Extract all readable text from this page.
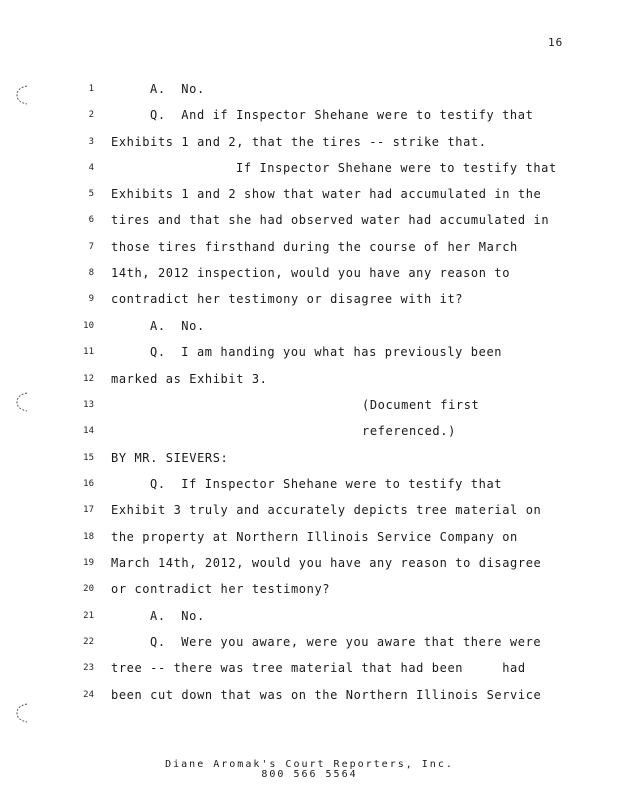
16
1	A.  No.
2	Q.  And if Inspector Shehane were to testify that
3 Exhibits 1 and 2, that the tires -- strike that.
4	If Inspector Shehane were to testify that
5 Exhibits 1 and 2 show that water had accumulated in the
6 tires and that she had observed water had accumulated in
7 those tires firsthand during the course of her March
8 14th, 2012 inspection, would you have any reason to
9 contradict her testimony or disagree with it?
10	A.  No.
11	Q.  I am handing you what has previously been
12 marked as Exhibit 3.
13	(Document first
14	referenced.)
15 BY MR. SIEVERS:
16	Q.  If Inspector Shehane were to testify that
17 Exhibit 3 truly and accurately depicts tree material on
18 the property at Northern Illinois Service Company on
19 March 14th, 2012, would you have any reason to disagree
20 or contradict her testimony?
21	A.  No.
22	Q.  Were you aware, were you aware that there were
23 tree -- there was tree material that had been     had
24 been cut down that was on the Northern Illinois Service
Diane Aromak's Court Reporters, Inc.
800 566 5564
